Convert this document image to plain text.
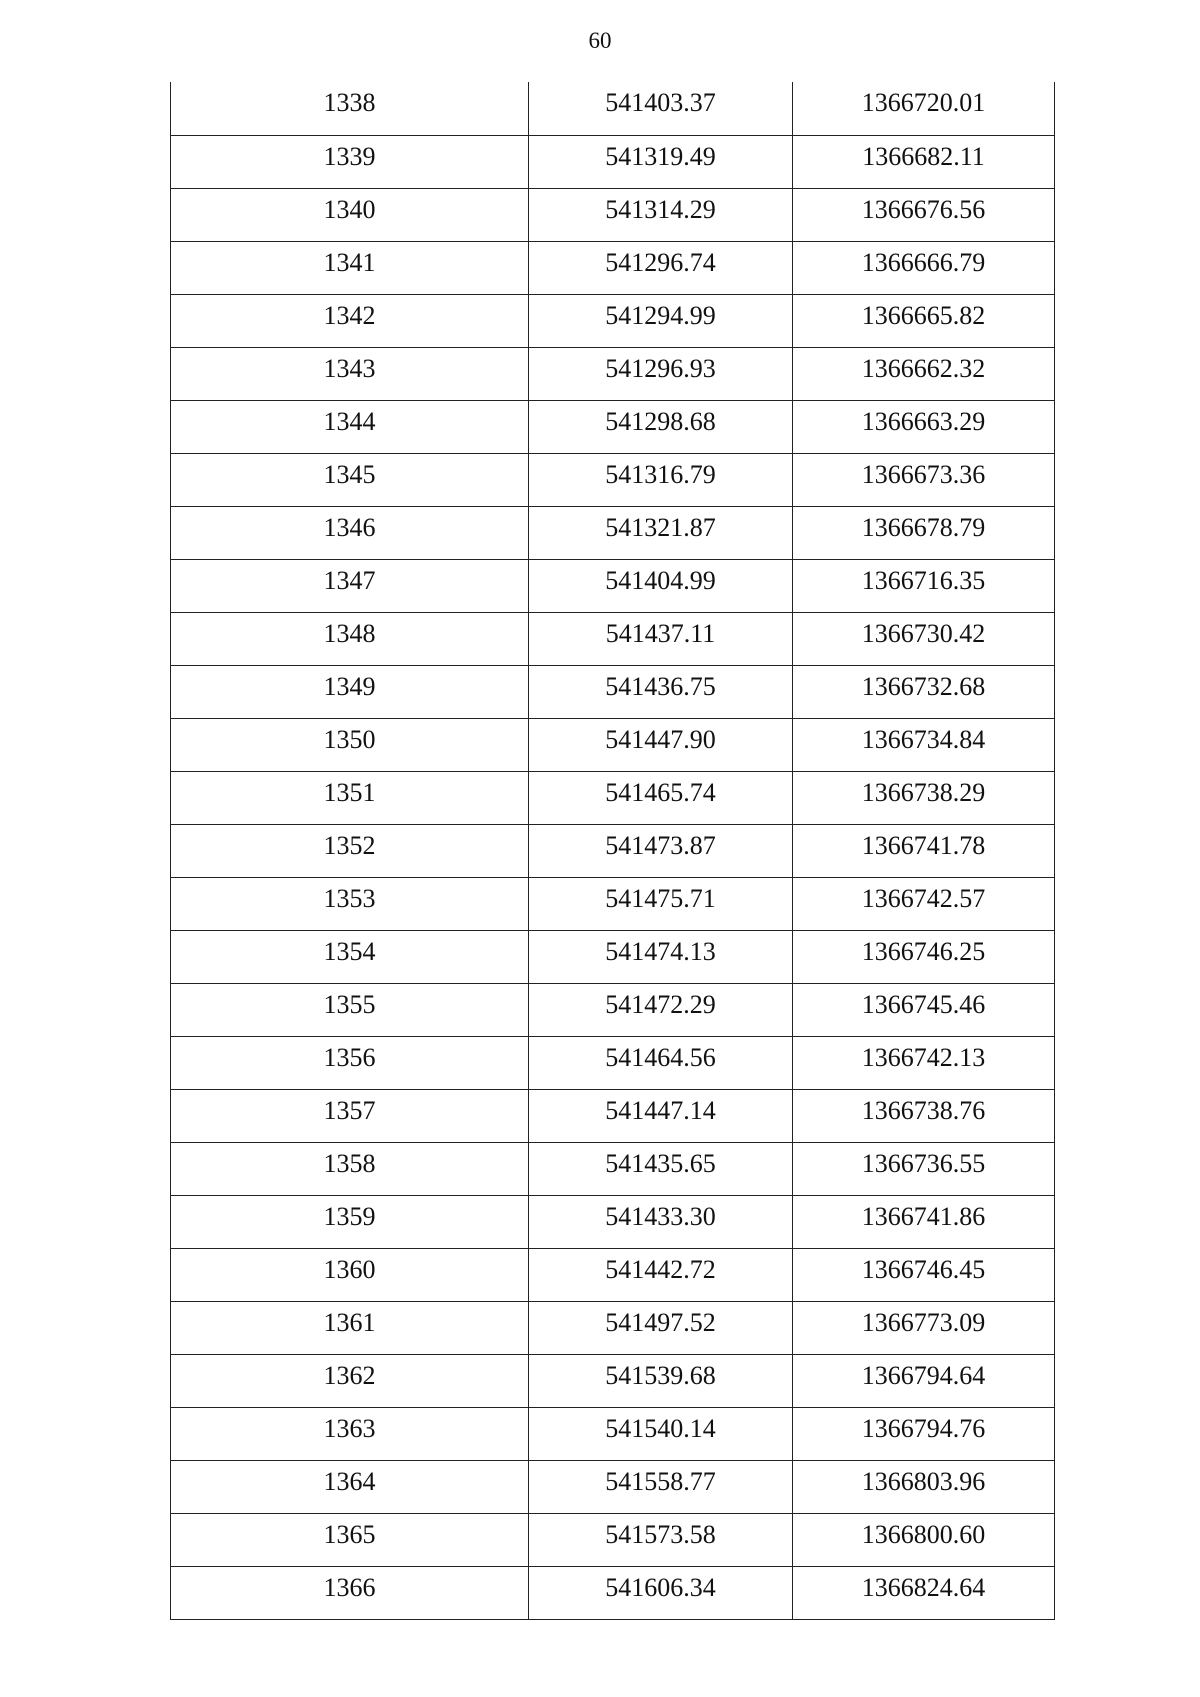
60
1338	541403.37	1366720.01
1339	541319.49	1366682.11
1340	541314.29	1366676.56
1341	541296.74	1366666.79
1342	541294.99	1366665.82
1343	541296.93	1366662.32
1344	541298.68	1366663.29
1345	541316.79	1366673.36
1346	541321.87	1366678.79
1347	541404.99	1366716.35
1348	541437.11	1366730.42
1349	541436.75	1366732.68
1350	541447.90	1366734.84
1351	541465.74	1366738.29
1352	541473.87	1366741.78
1353	541475.71	1366742.57
1354	541474.13	1366746.25
1355	541472.29	1366745.46
1356	541464.56	1366742.13
1357	541447.14	1366738.76
1358	541435.65	1366736.55
1359	541433.30	1366741.86
1360	541442.72	1366746.45
1361	541497.52	1366773.09
1362	541539.68	1366794.64
1363	541540.14	1366794.76
1364	541558.77	1366803.96
1365	541573.58	1366800.60
1366	541606.34	1366824.64
